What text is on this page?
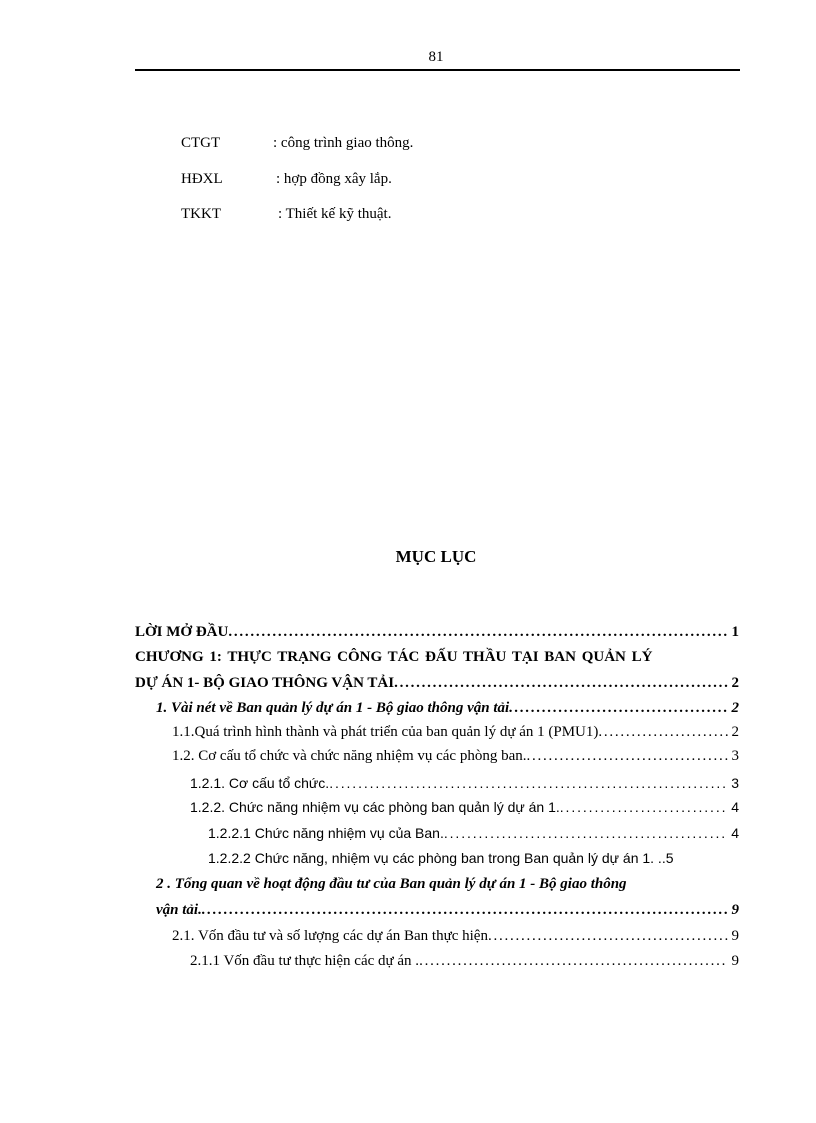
81
CTGT	: công trình giao thông.
HĐXL	: hợp đồng xây lắp.
TKKT	: Thiết kế kỹ thuật.
MỤC LỤC
LỜI MỞ ĐẦU . . .	1
CHƯƠNG 1: THỰC TRẠNG CÔNG TÁC ĐẤU THẦU TẠI BAN QUẢN LÝ
DỰ ÁN 1- BỘ GIAO THÔNG VẬN TẢI . . .	2
1. Vài nét về Ban quản lý dự án 1 - Bộ giao thông vận tải . . .	2
1.1.Quá trình hình thành và phát triển của ban quản lý dự án 1 (PMU1) . . .	2
1.2. Cơ cấu tổ chức và chức năng nhiệm vụ các phòng ban. . . .	3
1.2.1. Cơ cấu tổ chức. . . .	3
1.2.2. Chức năng nhiệm vụ các phòng ban quản lý dự án 1. . . .	4
1.2.2.1 Chức năng nhiệm vụ của Ban. . . .	4
1.2.2.2 Chức năng, nhiệm vụ các phòng ban trong Ban quản lý dự án 1. .. 5
2 . Tổng quan về hoạt động đầu tư của Ban quản lý dự án 1 - Bộ giao thông
vận tải. . . .	9
2.1. Vốn đầu tư và số lượng các dự án Ban thực hiện . . .	9
2.1.1 Vốn đầu tư thực hiện các dự án . . . .	9
